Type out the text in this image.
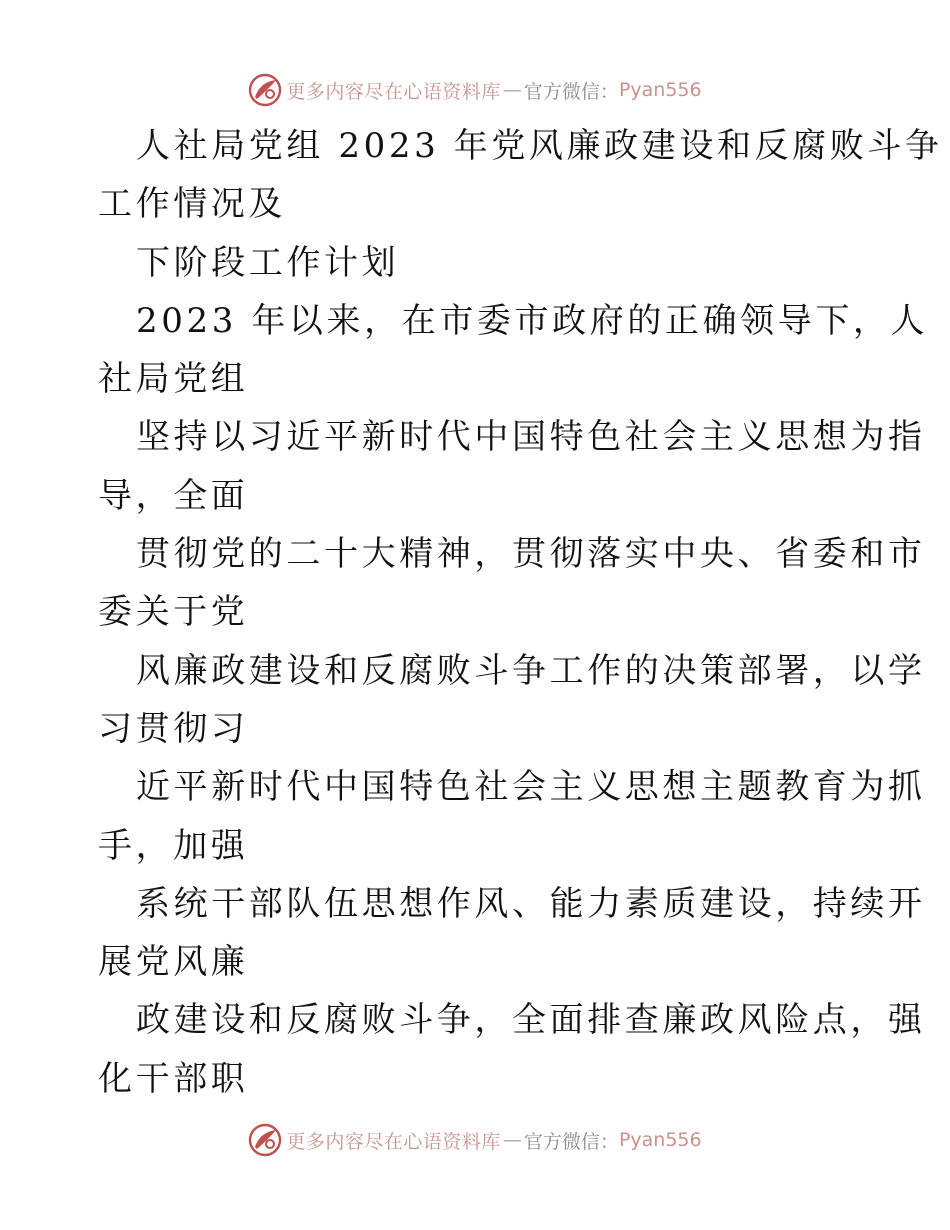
更多内容尽在心语资料库 — 官方微信： Pyan556
人社局党组 2023 年党风廉政建设和反腐败斗争
工作情况及
下阶段工作计划
2023 年以来，在市委市政府的正确领导下，人
社局党组
坚持以习近平新时代中国特色社会主义思想为指
导，全面
贯彻党的二十大精神，贯彻落实中央、省委和市
委关于党
风廉政建设和反腐败斗争工作的决策部署，以学
习贯彻习
近平新时代中国特色社会主义思想主题教育为抓
手，加强
系统干部队伍思想作风、能力素质建设，持续开
展党风廉
政建设和反腐败斗争，全面排查廉政风险点，强
化干部职
更多内容尽在心语资料库 — 官方微信： Pyan556
